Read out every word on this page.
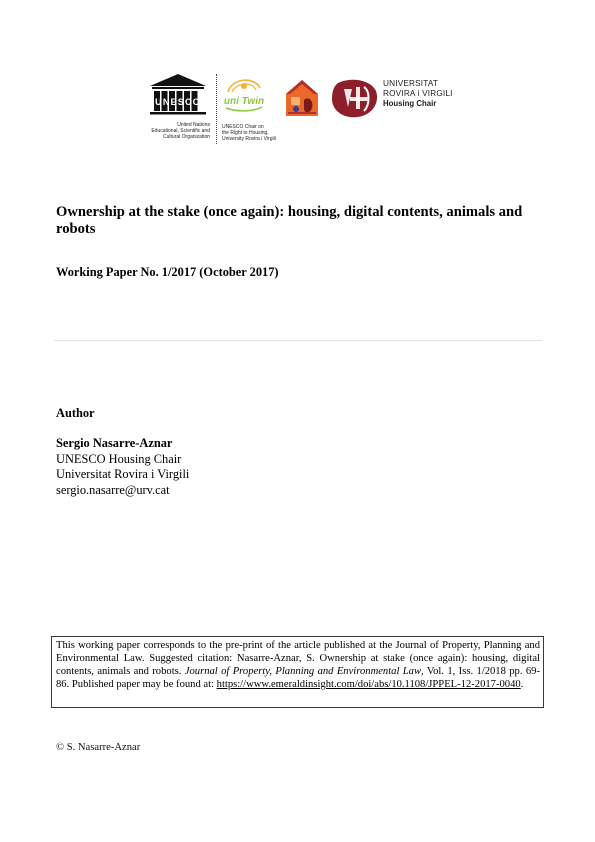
UNESCO
United Nations
Educational, Scientific and
Cultural Organization
uni Twin
UNESCO Chair on
the Right to Housing,
University Rovira i Virgili
UNIVERSITAT
ROVIRA i VIRGILI
Housing Chair
Ownership at the stake (once again): housing, digital contents, animals and robots
Working Paper No. 1/2017 (October 2017)
Author
Sergio Nasarre-Aznar
UNESCO Housing Chair
Universitat Rovira i Virgili
sergio.nasarre@urv.cat
This working paper corresponds to the pre-print of the article published at the Journal of Property, Planning and Environmental Law. Suggested citation: Nasarre-Aznar, S. Ownership at stake (once again): housing, digital contents, animals and robots. Journal of Property, Planning and Environmental Law, Vol. 1, Iss. 1/2018 pp. 69-86. Published paper may be found at: https://www.emeraldinsight.com/doi/abs/10.1108/JPPEL-12-2017-0040.
© S. Nasarre-Aznar
